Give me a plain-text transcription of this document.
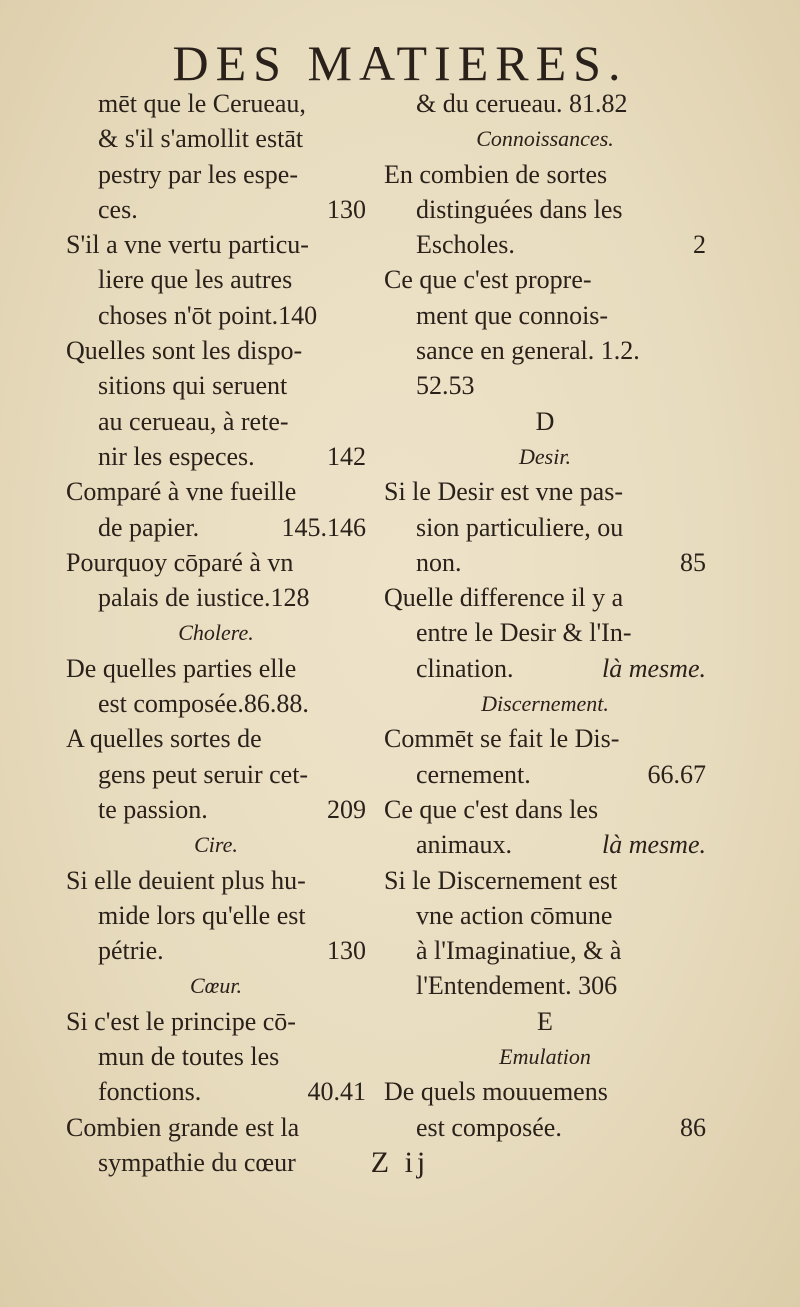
DES MATIERES.
mēt que le Cerueau,
& s'il s'amollit estāt
pestry par les espe-
ces.	130
S'il a vne vertu particu-
liere que les autres
choses n'ōt point.140
Quelles sont les dispo-
sitions qui seruent
au cerueau, à rete-
nir les especes.	142
Comparé à vne fueille
de papier.	145.146
Pourquoy cōparé à vn
palais de iustice.128
Cholere.
De quelles parties elle
est composée.86.88.
A quelles sortes de
gens peut seruir cet-
te passion.	209
Cire.
Si elle deuient plus hu-
mide lors qu'elle est
pétrie.	130
Cœur.
Si c'est le principe cō-
mun de toutes les
fonctions.	40.41
Combien grande est la
sympathie du cœur
& du cerueau. 81.82
Connoissances.
En combien de sortes
distinguées dans les
Escholes.	2
Ce que c'est propre-
ment que connois-
sance en general. 1.2.
52.53
D
Desir.
Si le Desir est vne pas-
sion particuliere, ou
non.	85
Quelle difference il y a
entre le Desir & l'In-
clination.	là mesme.
Discernement.
Commēt se fait le Dis-
cernement.	66.67
Ce que c'est dans les
animaux.	là mesme.
Si le Discernement est
vne action cōmune
à l'Imaginatiue, & à
l'Entendement. 306
E
Emulation
De quels mouuemens
est composée.	86
Z ij
